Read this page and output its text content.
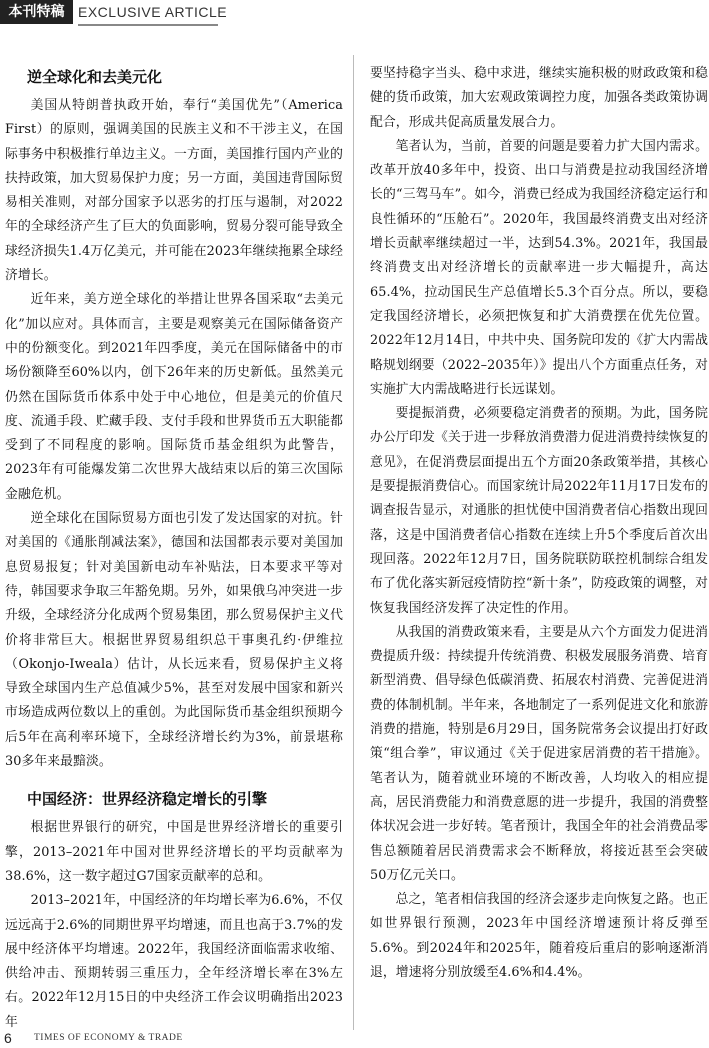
本刊特稿 EXCLUSIVE ARTICLE
逆全球化和去美元化

美国从特朗普执政开始，奉行“美国优先”（America First）的原则，强调美国的民族主义和不干涉主义，在国际事务中积极推行单边主义。一方面，美国推行国内产业的扶持政策，加大贸易保护力度；另一方面，美国违背国际贸易相关准则，对部分国家予以恶劣的打压与遏制，对2022年的全球经济产生了巨大的负面影响，贸易分裂可能导致全球经济损失1.4万亿美元，并可能在2023年继续拖累全球经济增长。

近年来，美方逆全球化的举措让世界各国采取“去美元化”加以应对。具体而言，主要是观察美元在国际储备资产中的份额变化。到2021年四季度，美元在国际储备中的市场份额降至60%以内，创下26年来的历史新低。虽然美元仍然在国际货币体系中处于中心地位，但是美元的价值尺度、流通手段、贮藏手段、支付手段和世界货币五大职能都受到了不同程度的影响。国际货币基金组织为此警告，2023年有可能爆发第二次世界大战结束以后的第三次国际金融危机。

逆全球化在国际贸易方面也引发了发达国家的对抗。针对美国的《通胀削减法案》，德国和法国都表示要对美国加息贸易报复；针对美国新电动车补贴法，日本要求平等对待，韩国要求争取三年豁免期。另外，如果俄乌冲突进一步升级，全球经济分化成两个贸易集团，那么贸易保护主义代价将非常巨大。根据世界贸易组织总干事奥孔约·伊维拉（Okonjo-Iweala）估计，从长远来看，贸易保护主义将导致全球国内生产总值减少5%，甚至对发展中国家和新兴市场造成两位数以上的重创。为此国际货币基金组织预期今后5年在高利率环境下，全球经济增长约为3%，前景堪称30多年来最黯淡。

中国经济：世界经济稳定增长的引擎

根据世界银行的研究，中国是世界经济增长的重要引擎，2013–2021年中国对世界经济增长的平均贡献率为38.6%，这一数字超过G7国家贡献率的总和。

2013–2021年，中国经济的年均增长率为6.6%，不仅远远高于2.6%的同期世界平均增速，而且也高于3.7%的发展中经济体平均增速。2022年，我国经济面临需求收缩、供给冲击、预期转弱三重压力，全年经济增长率在3%左右。2022年12月15日的中央经济工作会议明确指出2023年

要坚持稳字当头、稳中求进，继续实施积极的财政政策和稳健的货币政策，加大宏观政策调控力度，加强各类政策协调配合，形成共促高质量发展合力。

笔者认为，当前，首要的问题是要着力扩大国内需求。改革开放40多年中，投资、出口与消费是拉动我国经济增长的“三驾马车”。如今，消费已经成为我国经济稳定运行和良性循环的“压舱石”。2020年，我国最终消费支出对经济增长贡献率继续超过一半，达到54.3%。2021年，我国最终消费支出对经济增长的贡献率进一步大幅提升，高达65.4%，拉动国民生产总值增长5.3个百分点。所以，要稳定我国经济增长，必须把恢复和扩大消费摆在优先位置。2022年12月14日，中共中央、国务院印发的《扩大内需战略规划纲要（2022–2035年）》提出八个方面重点任务，对实施扩大内需战略进行长远谋划。

要提振消费，必须要稳定消费者的预期。为此，国务院办公厅印发《关于进一步释放消费潜力促进消费持续恢复的意见》，在促消费层面提出五个方面20条政策举措，其核心是要提振消费信心。而国家统计局2022年11月17日发布的调查报告显示，对通胀的担忧使中国消费者信心指数出现回落，这是中国消费者信心指数在连续上升5个季度后首次出现回落。2022年12月7日，国务院联防联控机制综合组发布了优化落实新冠疫情防控“新十条”，防疫政策的调整，对恢复我国经济发挥了决定性的作用。

从我国的消费政策来看，主要是从六个方面发力促进消费提质升级：持续提升传统消费、积极发展服务消费、培育新型消费、倡导绿色低碳消费、拓展农村消费、完善促进消费的体制机制。半年来，各地制定了一系列促进文化和旅游消费的措施，特别是6月29日，国务院常务会议提出打好政策“组合拳”，审议通过《关于促进家居消费的若干措施》。笔者认为，随着就业环境的不断改善，人均收入的相应提高，居民消费能力和消费意愿的进一步提升，我国的消费整体状况会进一步好转。笔者预计，我国全年的社会消费品零售总额随着居民消费需求会不断释放，将接近甚至会突破50万亿元关口。

总之，笔者相信我国的经济会逐步走向恢复之路。也正如世界银行预测，2023年中国经济增速预计将反弹至5.6%。到2024年和2025年，随着疫后重启的影响逐渐消退，增速将分别放缓至4.6%和4.4%。

6 TIMES OF ECONOMY & TRADE
